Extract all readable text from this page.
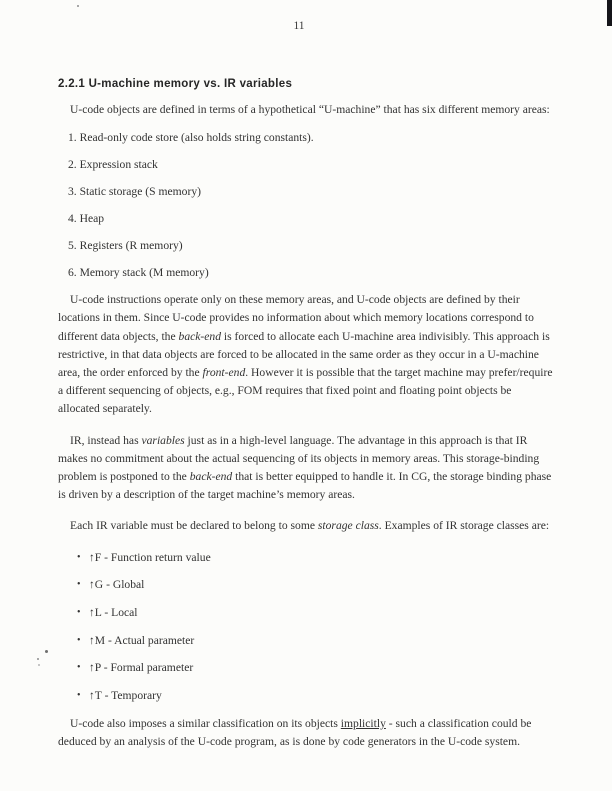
11
2.2.1 U-machine memory vs. IR variables

U-code objects are defined in terms of a hypothetical “U-machine” that has six different memory areas:

1. Read-only code store (also holds string constants).
2. Expression stack
3. Static storage (S memory)
4. Heap
5. Registers (R memory)
6. Memory stack (M memory)

U-code instructions operate only on these memory areas, and U-code objects are defined by their locations in them. Since U-code provides no information about which memory locations correspond to different data objects, the back-end is forced to allocate each U-machine area indivisibly. This approach is restrictive, in that data objects are forced to be allocated in the same order as they occur in a U-machine area, the order enforced by the front-end. However it is possible that the target machine may prefer/require a different sequencing of objects, e.g., FOM requires that fixed point and floating point objects be allocated separately.

IR, instead has variables just as in a high-level language. The advantage in this approach is that IR makes no commitment about the actual sequencing of its objects in memory areas. This storage-binding problem is postponed to the back-end that is better equipped to handle it. In CG, the storage binding phase is driven by a description of the target machine’s memory areas.

Each IR variable must be declared to belong to some storage class. Examples of IR storage classes are:

• ↑F - Function return value
• ↑G - Global
• ↑L - Local
• ↑M - Actual parameter
• ↑P - Formal parameter
• ↑T - Temporary

U-code also imposes a similar classification on its objects implicitly - such a classification could be deduced by an analysis of the U-code program, as is done by code generators in the U-code system.
